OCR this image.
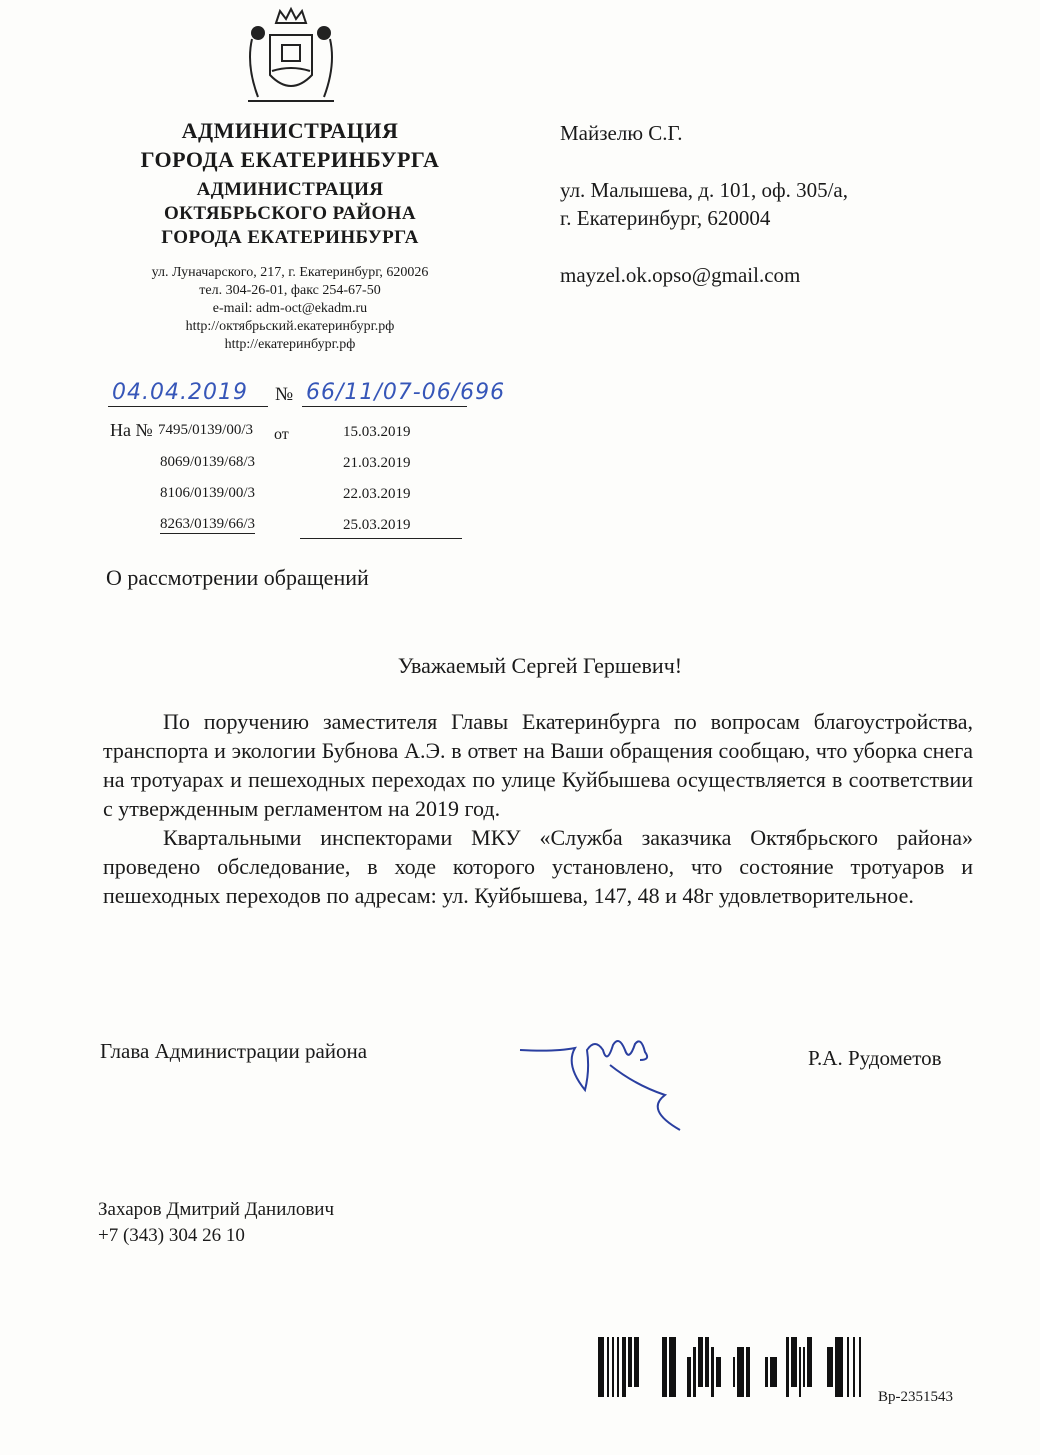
АДМИНИСТРАЦИЯ
ГОРОДА ЕКАТЕРИНБУРГА
АДМИНИСТРАЦИЯ
ОКТЯБРЬСКОГО РАЙОНА
ГОРОДА ЕКАТЕРИНБУРГА
ул. Луначарского, 217, г. Екатеринбург, 620026
тел. 304-26-01, факс 254-67-50
e-mail: adm-oct@ekadm.ru
http://октябрьский.екатеринбург.рф
http://екатеринбург.рф
Майзелю С.Г.
ул. Малышева, д. 101, оф. 305/а,
г. Екатеринбург, 620004
mayzel.ok.opso@gmail.com
04.04.2019 № 66/11/07-06/696
На №	от
7495/0139/00/3	15.03.2019
8069/0139/68/3	21.03.2019
8106/0139/00/3	22.03.2019
8263/0139/66/3	25.03.2019
О рассмотрении обращений
Уважаемый Сергей Гершевич!

По поручению заместителя Главы Екатеринбурга по вопросам благоустройства, транспорта и экологии Бубнова А.Э. в ответ на Ваши обращения сообщаю, что уборка снега на тротуарах и пешеходных переходах по улице Куйбышева осуществляется в соответствии с утвержденным регламентом на 2019 год.

Квартальными инспекторами МКУ «Служба заказчика Октябрьского района» проведено обследование, в ходе которого установлено, что состояние тротуаров и пешеходных переходов по адресам: ул. Куйбышева, 147, 48 и 48г удовлетворительное.

Глава Администрации района	Р.А. Рудометов
Захаров Дмитрий Данилович
+7 (343) 304 26 10
Вр-2351543
